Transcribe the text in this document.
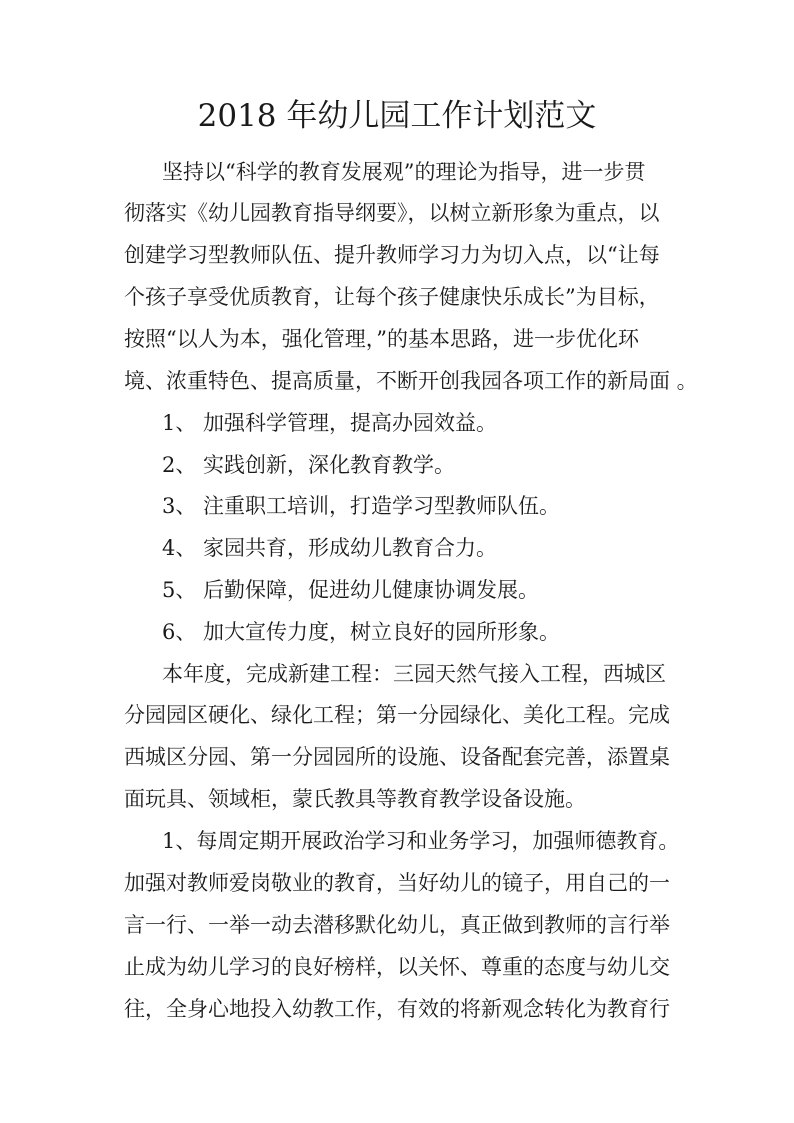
2018 年幼儿园工作计划范文
坚持以“科学的教育发展观”的理论为指导，进一步贯
彻落实《幼儿园教育指导纲要》，以树立新形象为重点，以
创建学习型教师队伍、提升教师学习力为切入点，以“让每
个孩子享受优质教育，让每个孩子健康快乐成长”为目标，
按照“以人为本，强化管理，”的基本思路，进一步优化环
境、浓重特色、提高质量，不断开创我园各项工作的新局面 。
1、 加强科学管理，提高办园效益。
2、 实践创新，深化教育教学。
3、 注重职工培训，打造学习型教师队伍。
4、 家园共育，形成幼儿教育合力。
5、 后勤保障，促进幼儿健康协调发展。
6、 加大宣传力度，树立良好的园所形象。
本年度，完成新建工程：三园天然气接入工程，西城区
分园园区硬化、绿化工程；第一分园绿化、美化工程。完成
西城区分园、第一分园园所的设施、设备配套完善，添置桌
面玩具、领域柜，蒙氏教具等教育教学设备设施。
1、每周定期开展政治学习和业务学习，加强师德教育。
加强对教师爱岗敬业的教育，当好幼儿的镜子，用自己的一
言一行、一举一动去潜移默化幼儿，真正做到教师的言行举
止成为幼儿学习的良好榜样，以关怀、尊重的态度与幼儿交
往，全身心地投入幼教工作，有效的将新观念转化为教育行
